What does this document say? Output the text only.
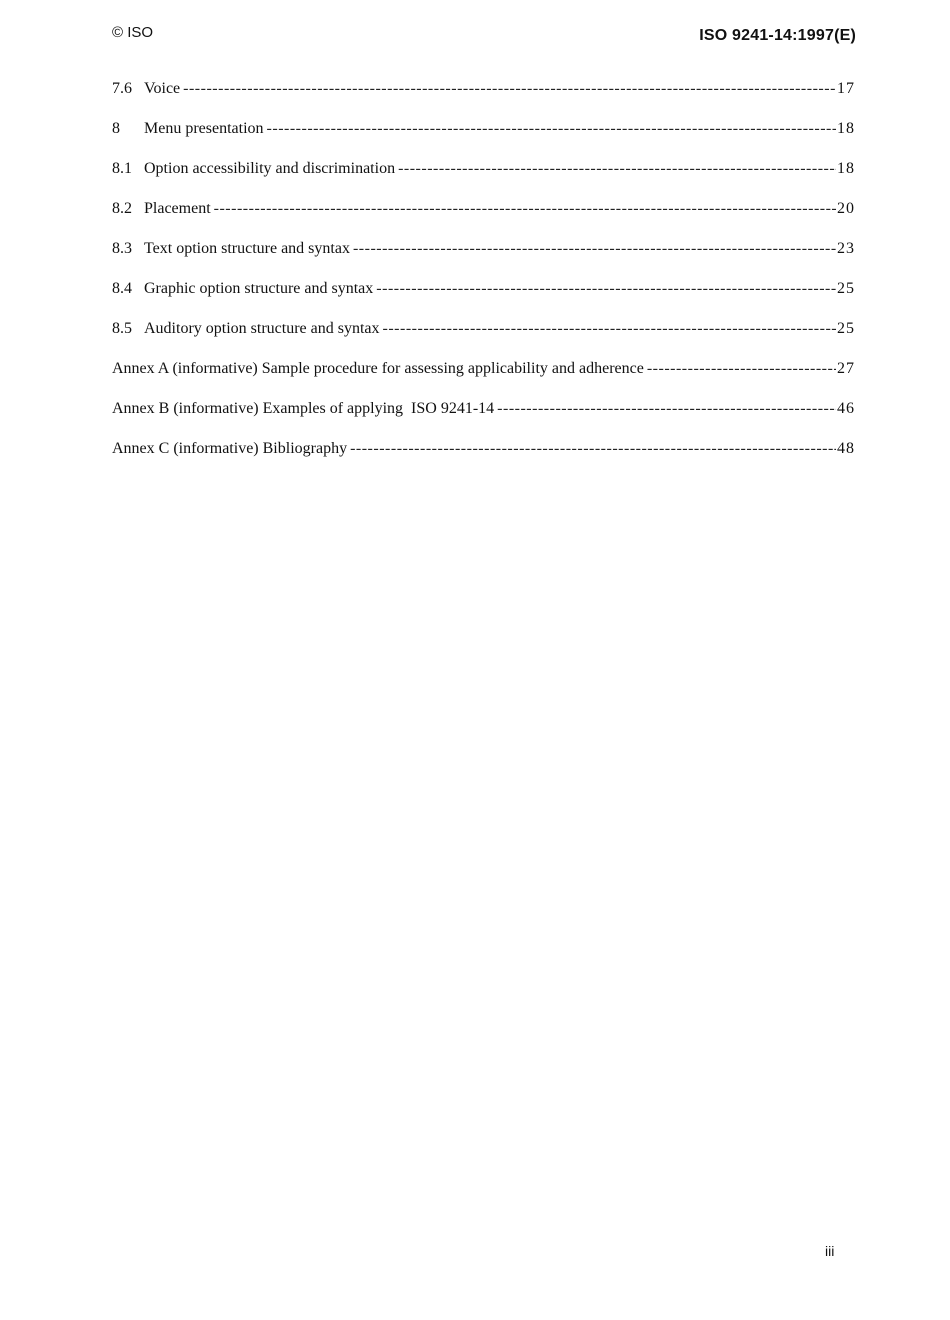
© ISO	ISO 9241-14:1997(E)
7.6 Voice -----	17
8	Menu presentation -----	18
8.1 Option accessibility and discrimination -----	18
8.2 Placement -----	20
8.3 Text option structure and syntax -----	23
8.4 Graphic option structure and syntax -----	25
8.5 Auditory option structure and syntax -----	25
Annex A (informative) Sample procedure for assessing applicability and adherence -----	27
Annex B (informative) Examples of applying  ISO 9241-14 -----	46
Annex C (informative) Bibliography -----	48
iii
